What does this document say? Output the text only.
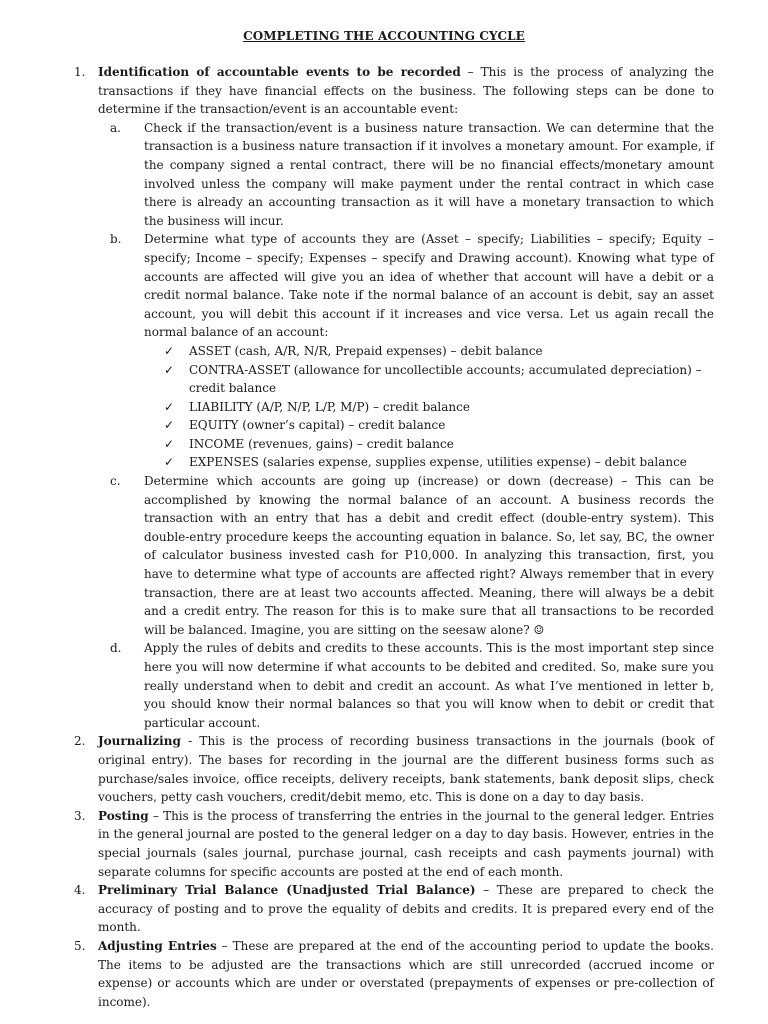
COMPLETING THE ACCOUNTING CYCLE
1. Identification of accountable events to be recorded – This is the process of analyzing the transactions if they have financial effects on the business. The following steps can be done to determine if the transaction/event is an accountable event:
a. Check if the transaction/event is a business nature transaction. We can determine that the transaction is a business nature transaction if it involves a monetary amount. For example, if the company signed a rental contract, there will be no financial effects/monetary amount involved unless the company will make payment under the rental contract in which case there is already an accounting transaction as it will have a monetary transaction to which the business will incur.
b. Determine what type of accounts they are (Asset – specify; Liabilities – specify; Equity – specify; Income – specify; Expenses – specify and Drawing account). Knowing what type of accounts are affected will give you an idea of whether that account will have a debit or a credit normal balance. Take note if the normal balance of an account is debit, say an asset account, you will debit this account if it increases and vice versa. Let us again recall the normal balance of an account:
✓ ASSET (cash, A/R, N/R, Prepaid expenses) – debit balance
✓ CONTRA-ASSET (allowance for uncollectible accounts; accumulated depreciation) – credit balance
✓ LIABILITY (A/P, N/P, L/P, M/P) – credit balance
✓ EQUITY (owner’s capital) – credit balance
✓ INCOME (revenues, gains) – credit balance
✓ EXPENSES (salaries expense, supplies expense, utilities expense) – debit balance
c. Determine which accounts are going up (increase) or down (decrease) – This can be accomplished by knowing the normal balance of an account. A business records the transaction with an entry that has a debit and credit effect (double-entry system). This double-entry procedure keeps the accounting equation in balance. So, let say, BC, the owner of calculator business invested cash for P10,000. In analyzing this transaction, first, you have to determine what type of accounts are affected right? Always remember that in every transaction, there are at least two accounts affected. Meaning, there will always be a debit and a credit entry. The reason for this is to make sure that all transactions to be recorded will be balanced. Imagine, you are sitting on the seesaw alone? ☺
d. Apply the rules of debits and credits to these accounts. This is the most important step since here you will now determine if what accounts to be debited and credited. So, make sure you really understand when to debit and credit an account. As what I’ve mentioned in letter b, you should know their normal balances so that you will know when to debit or credit that particular account.
2. Journalizing - This is the process of recording business transactions in the journals (book of original entry). The bases for recording in the journal are the different business forms such as purchase/sales invoice, office receipts, delivery receipts, bank statements, bank deposit slips, check vouchers, petty cash vouchers, credit/debit memo, etc. This is done on a day to day basis.
3. Posting – This is the process of transferring the entries in the journal to the general ledger. Entries in the general journal are posted to the general ledger on a day to day basis. However, entries in the special journals (sales journal, purchase journal, cash receipts and cash payments journal) with separate columns for specific accounts are posted at the end of each month.
4. Preliminary Trial Balance (Unadjusted Trial Balance) – These are prepared to check the accuracy of posting and to prove the equality of debits and credits. It is prepared every end of the month.
5. Adjusting Entries – These are prepared at the end of the accounting period to update the books. The items to be adjusted are the transactions which are still unrecorded (accrued income or expense) or accounts which are under or overstated (prepayments of expenses or pre-collection of income).
